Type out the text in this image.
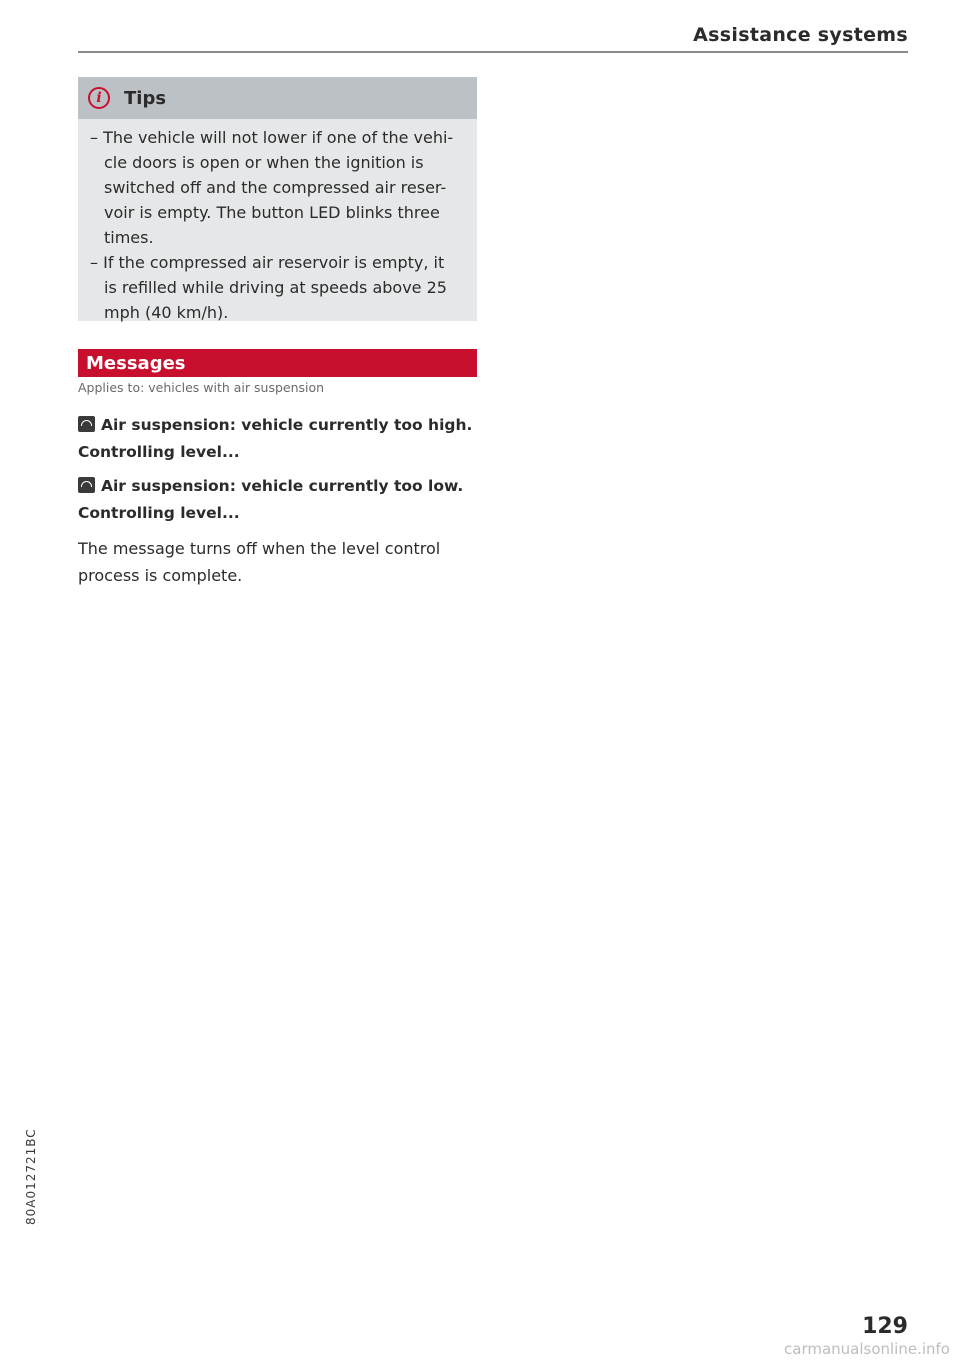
Assistance systems
i	Tips
– The vehicle will not lower if one of the vehi- cle doors is open or when the ignition is switched off and the compressed air reser- voir is empty. The button LED blinks three times.
– If the compressed air reservoir is empty, it is refilled while driving at speeds above 25 mph (40 km/h).
Messages
Applies to: vehicles with air suspension
Air suspension: vehicle currently too high. Controlling level...
Air suspension: vehicle currently too low. Controlling level...
The message turns off when the level control process is complete.
80A012721BC
129
carmanualsonline.info
